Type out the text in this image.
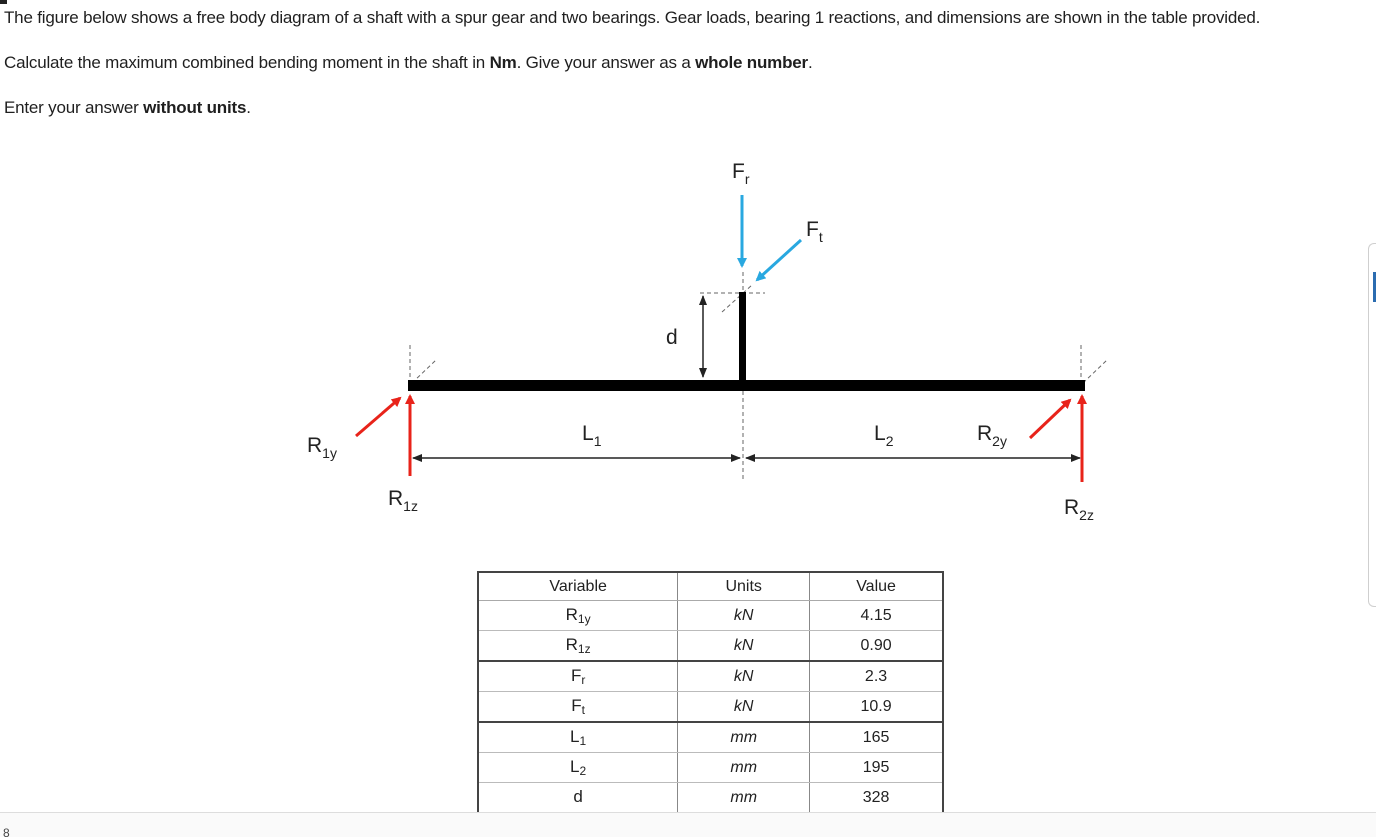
The figure below shows a free body diagram of a shaft with a spur gear and two bearings. Gear loads, bearing 1 reactions, and dimensions are shown in the table provided.
Calculate the maximum combined bending moment in the shaft in Nm. Give your answer as a whole number.
Enter your answer without units.
d
$F_r$
$F_t$
$R_{1y}$
$R_{1z}$
$R_{2y}$
$R_{2z}$
$L_1$	$L_2$
Variable	Units	Value
R1y	kN	4.15
R1z	kN	0.90
Fr	kN	2.3
Ft	kN	10.9
L1	mm	165
L2	mm	195
d	mm	328
8
